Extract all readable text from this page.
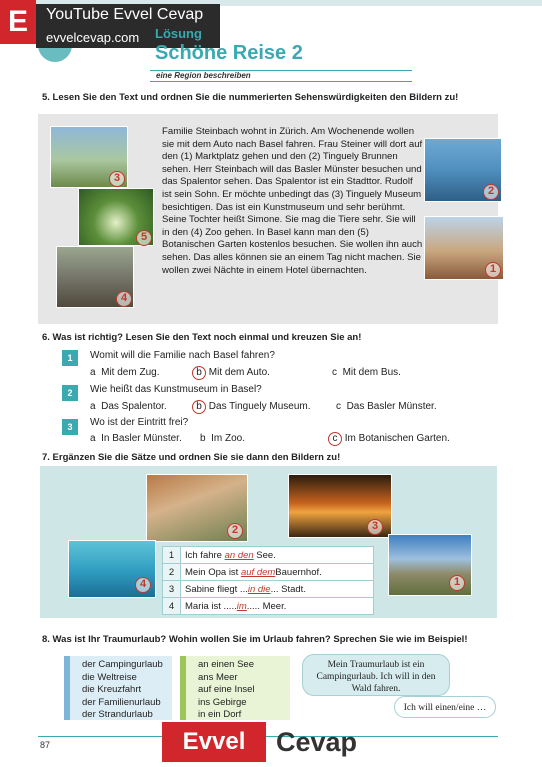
E	YouTube Evvel Cevap
evvelcevap.com Lösung
Schöne Reise 2
eine Region beschreiben
5. Lesen Sie den Text und ordnen Sie die nummerierten Sehenswürdigkeiten den Bildern zu!
3
5
4
2
1
Familie Steinbach wohnt in Zürich. Am Wochenende wollen sie mit dem Auto nach Basel fahren. Frau Steiner will dort auf den (1) Marktplatz gehen und den (2) Tinguely Brunnen sehen. Herr Steinbach will das Basler Münster besuchen und das Spalentor sehen. Das Spalentor ist ein Stadttor. Rudolf ist sein Sohn. Er möchte unbedingt das (3) Tinguely Museum besichtigen. Das ist ein Kunstmuseum und sehr berühmt. Seine Tochter heißt Simone. Sie mag die Tiere sehr. Sie will in den (4) Zoo gehen. In Basel kann man den (5) Botanischen Garten kostenlos besuchen. Sie wollen ihn auch sehen. Das alles können sie an einem Tag nicht machen. Sie wollen zwei Nächte in einem Hotel übernachten.
6. Was ist richtig? Lesen Sie den Text noch einmal und kreuzen Sie an!
1	Womit will die Familie nach Basel fahren?
a Mit dem Zug.	b Mit dem Auto.	c Mit dem Bus.
2	Wie heißt das Kunstmuseum in Basel?
a Das Spalentor.	b Das Tinguely Museum.	c Das Basler Münster.
3	Wo ist der Eintritt frei?
a In Basler Münster. b Im Zoo.	c Im Botanischen Garten.
7. Ergänzen Sie die Sätze und ordnen Sie sie dann den Bildern zu!
2	3
4	1
1	Ich fahre an den See.
2	Mein Opa ist auf demBauernhof.
3	Sabine fliegt ...in die... Stadt.
4	Maria ist .....im..... Meer.
8. Was ist Ihr Traumurlaub? Wohin wollen Sie im Urlaub fahren? Sprechen Sie wie im Beispiel!
der Campingurlaub
die Weltreise
die Kreuzfahrt
der Familienurlaub
der Strandurlaub
an einen See
ans Meer
auf eine Insel
ins Gebirge
in ein Dorf
Mein Traumurlaub ist ein Campingurlaub. Ich will in den Wald fahren.
Ich will einen/eine …
87	Evvel	Cevap
